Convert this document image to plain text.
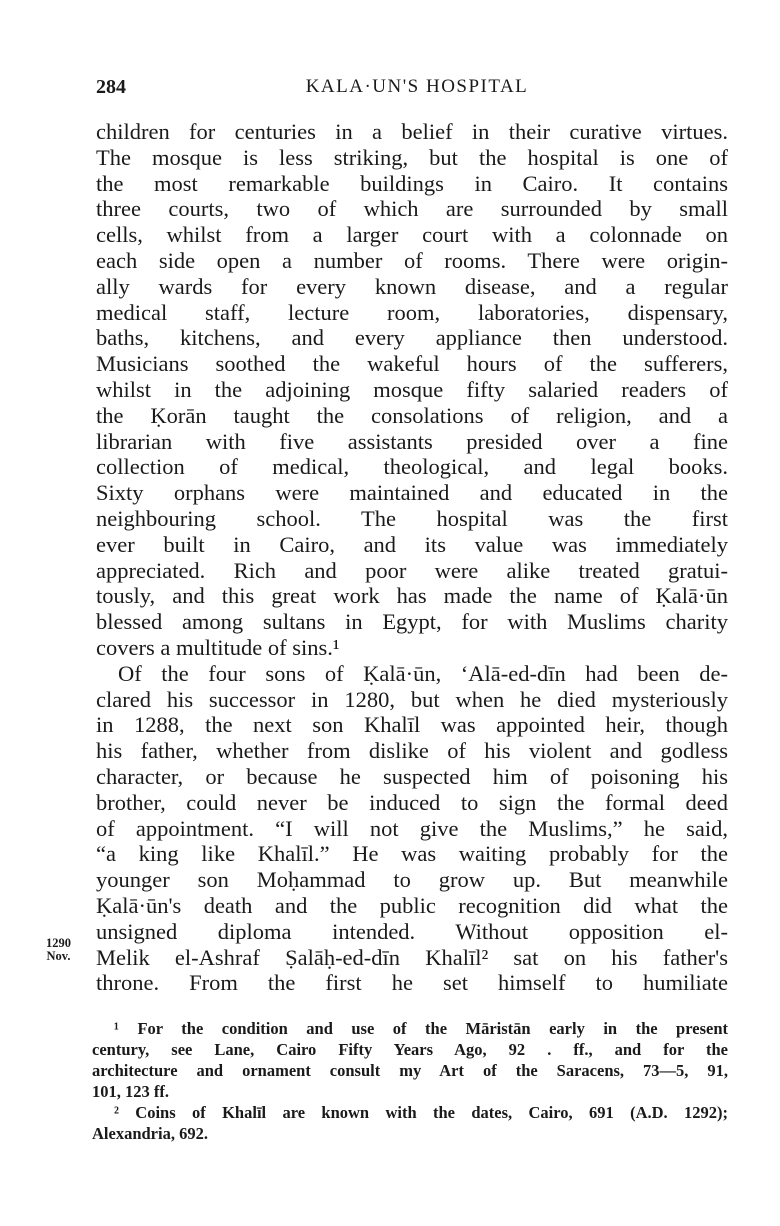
284	KALA·UN'S HOSPITAL
children for centuries in a belief in their curative virtues.
The mosque is less striking, but the hospital is one of
the most remarkable buildings in Cairo. It contains
three courts, two of which are surrounded by small
cells, whilst from a larger court with a colonnade on
each side open a number of rooms. There were origin-
ally wards for every known disease, and a regular
medical staff, lecture room, laboratories, dispensary,
baths, kitchens, and every appliance then understood.
Musicians soothed the wakeful hours of the sufferers,
whilst in the adjoining mosque fifty salaried readers of
the Ḳorān taught the consolations of religion, and a
librarian with five assistants presided over a fine
collection of medical, theological, and legal books.
Sixty orphans were maintained and educated in the
neighbouring school. The hospital was the first
ever built in Cairo, and its value was immediately
appreciated. Rich and poor were alike treated gratui-
tously, and this great work has made the name of Ḳalā·ūn
blessed among sultans in Egypt, for with Muslims charity
covers a multitude of sins.¹
Of the four sons of Ḳalā·ūn, ‘Alā-ed-dīn had been de-
clared his successor in 1280, but when he died mysteriously
in 1288, the next son Khalīl was appointed heir, though
his father, whether from dislike of his violent and godless
character, or because he suspected him of poisoning his
brother, could never be induced to sign the formal deed
of appointment. “I will not give the Muslims,” he said,
“a king like Khalīl.” He was waiting probably for the
younger son Moḥammad to grow up. But meanwhile
Ḳalā·ūn's death and the public recognition did what the
unsigned diploma intended. Without opposition el-
Melik el-Ashraf Ṣalāḥ-ed-dīn Khalīl² sat on his father's
throne. From the first he set himself to humiliate
1290
Nov.
¹ For the condition and use of the Māristān early in the present
century, see Lane, Cairo Fifty Years Ago, 92 . ff., and for the
architecture and ornament consult my Art of the Saracens, 73—5, 91,
101, 123 ff.
² Coins of Khalīl are known with the dates, Cairo, 691 (A.D. 1292);
Alexandria, 692.
